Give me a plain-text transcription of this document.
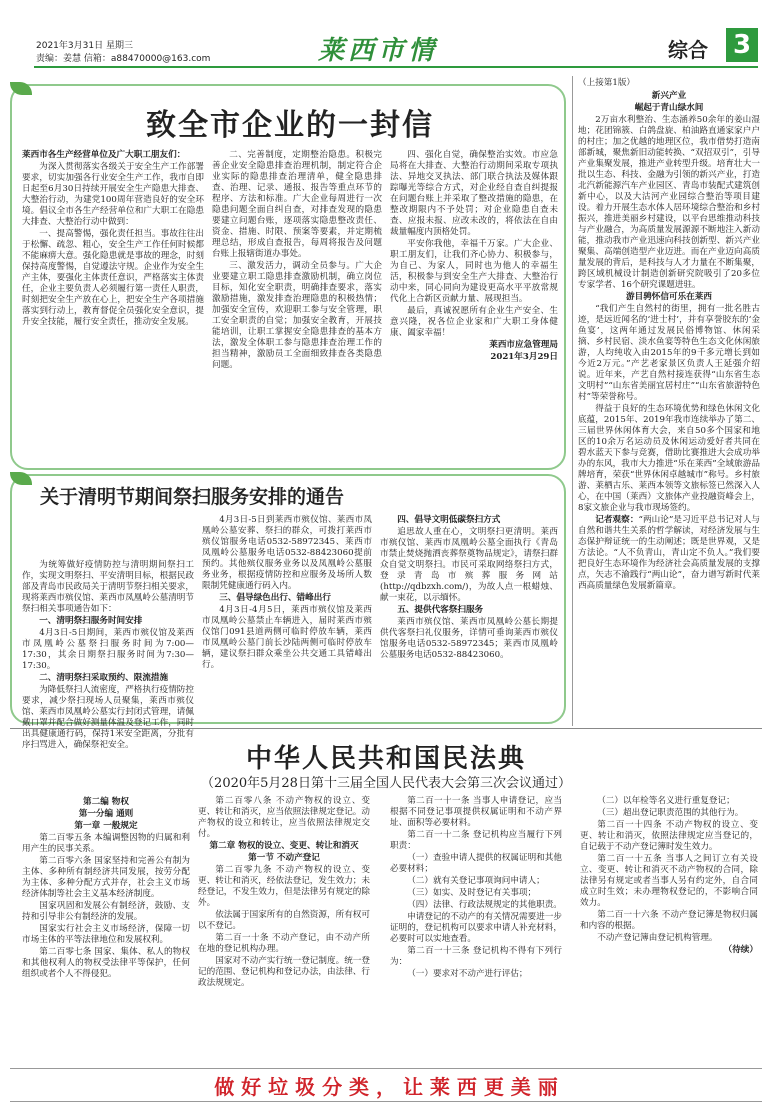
2021年3月31日 星期三
责编：姜慧 信箱：a88470000@163.com	莱西市情	综合 3
致全市企业的一封信

莱西市各生产经营单位及广大职工朋友们：

为深入贯彻落实各级关于安全生产工作部署要求，切实加强各行业安全生产工作，我市自即日起至6月30日持续开展安全生产隐患大排查、大整治行动，为建党100周年营造良好的安全环境。倡议全市各生产经营单位和广大职工在隐患大排查、大整治行动中做到：

一、提高警惕，强化责任担当。事故往往出于松懈、疏忽、粗心，安全生产工作任何时候都不能麻痹大意。强化隐患就是事故的理念，时刻保持高度警惕，自觉遵法守规。企业作为安全生产主体，要强化主体责任意识，严格落实主体责任，企业主要负责人必须履行第一责任人职责，时刻把安全生产放在心上，把安全生产各项措施落实到行动上，教育督促全员强化安全意识，提升安全技能，履行安全责任，推动安全发展。

二、完善制度，定期整治隐患。积极完善企业安全隐患排查治理机制，制定符合企业实际的隐患排查治理清单，健全隐患排查、治理、记录、通报、报告等重点环节的程序、方法和标准。广大企业每周进行一次隐患问题全面自纠自查，对排查发现的隐患要建立问题台账，逐项落实隐患整改责任、资金、措施、时限、预案等要素，并定期梳理总结，形成自查报告，每周将报告及问题台账上报辖街道办事处。

三、激发活力，调动全员参与。广大企业要建立职工隐患排查激励机制，确立岗位目标，知化安全职责，明确排查要求，落实激励措施，激发排查治理隐患的积极热情；加强安全宣传，欢迎职工参与安全管理，职工安全职责的自觉；加强安全教育，开展技能培训，让职工掌握安全隐患排查的基本方法，激发全体职工参与隐患排查治理工作的担当精神，激励员工全面细致排查各类隐患问题。

四、强化自觉，确保整治实效。市应急局将在大排查、大整治行动期间采取专项执法、异地交叉执法、部门联合执法及媒体跟踪曝光等综合方式，对企业经自查自纠提报在问题台账上并采取了整改措施的隐患，在整改期限内不予处罚；对企业隐患自查未查、应报未报、应改未改的，将依法在自由裁量幅度内顶格处罚。

平安你我他，幸福千万家。广大企业、职工朋友们，让我们齐心协力、积极参与，为自己、为家人，同时也为他人的幸福生活，积极参与到安全生产大排查、大整治行动中来，同心同向为建设更高水平平放常规代化上合新区贡献力量、展现担当。

最后，真诚祝愿所有企业生产安全、生意兴隆，祝各位企业家和广大职工身体健康、阖家幸福！

莱西市应急管理局

2021年3月29日

关于清明节期间祭扫服务安排的通告

为统筹做好疫情防控与清明期间祭扫工作，实现文明祭扫、平安清明目标，根据民政部及青岛市民政局关于清明节祭扫相关要求，现将莱西市殡仪馆、莱西市凤凰岭公墓清明节祭扫相关事项通告如下：

一、清明祭扫服务时间安排

4月3日-5日期间，莱西市殡仪馆及莱西市凤凰岭公墓祭扫服务时间为7:00—17:30，其余日期祭扫服务时间为7:30—17:30。

二、清明祭扫采取预约、限流措施

为降低祭扫人流密度，严格执行疫情防控要求，减少祭扫现场人员聚集，莱西市殡仪馆、莱西市凤凰岭公墓实行封闭式管理，请佩戴口罩并配合做好测量体温及登记工作，同时出具健康通行码，保持1米安全距离，分批有序扫骂进入，确保祭祀安全。

4月3日-5日到莱西市殡仪馆、莱西市凤凰岭公墓安葬、祭扫的群众，可拨打莱西市殡仪馆服务电话0532-58972345、莱西市凤凰岭公墓服务电话0532-88423060提前预约。其他殡仪服务业务以及凤凰岭公墓服务业务，根据疫情防控和应服务及场所人数限制凭健康通行码入内。

三、倡导绿色出行、错峰出行

4月3日-4月5日，莱西市殡仪馆及莱西市凤凰岭公墓禁止车辆进入，届时莱西市殡仪馆门091县道两侧可临时停放车辆，莱西市凤凰岭公墓门前长沙陆两侧可临时停放车辆，建议祭扫群众乘坐公共交通工具错峰出行。

四、倡导文明低碳祭扫方式

追思故人重在心，文明祭扫更清明。莱西市殡仪馆、莱西市凤凰岭公墓全面执行《青岛市禁止焚烧抛洒丧葬祭奠物品规定》，请祭扫群众自觉文明祭扫。市民可采取网络祭扫方式，登录青岛市殡葬服务网站(http://qdbzxh.com/)，为故人点一根蜡烛、献一束花，以示缅怀。

五、提供代客祭扫服务

莱西市殡仪馆、莱西市凤凰岭公墓长期提供代客祭扫礼仪服务，详情可垂询莱西市殡仪馆服务电话0532-58972345；莱西市凤凰岭公墓服务电话0532-88423060。

（上接第1版）

新兴产业
崛起于青山绿水间

2万亩水利整治、生态涵养50余年的姜山湿地；花团锦簇、白鸽盘旋、柏油路直通家家户户的村庄；加之优越的地理区位，我市借势打造南部新城，聚焦新旧动能转换、“双招双引”，引导产业集聚发展，推进产业转型升级。培育壮大一批以生态、科技、金融为引领的新兴产业，打造北汽新能源汽车产业园区、青岛市装配式建筑创新中心，以及大沽河产业园综合整治等项目建设。着力开展生态水体人居环境综合整治和乡村振兴，推进美丽乡村建设，以平台思维推动科技与产业融合，为高质量发展源源不断地注入新动能，推动我市产业迅速向科技创新型、新兴产业聚集、高端创造型产业迈进。而在产业迈向高质量发展的背后，是科技与人才力量在不断集聚，跨区域机械设计制造创新研究院吸引了20多位专家学者、16个研究课题进驻。

游目骋怀信可乐在莱西

“我们产生自然村的街里，拥有一批名胜古迹，是远近闻名的‘进士村’，并有享誉胶东的‘金鱼宴’，这两年通过发展民俗博物馆、休闲采摘、乡村民宿、淡水鱼宴等特色生态文化休闲旅游，人均纯收入由2015年的9千多元增长到如今近2万元。”产艺老家景区负责人王延强介绍说。近年来，产艺自然村接连获得“山东省生态文明村”“山东省美丽宜居村庄”“山东省旅游特色村”等荣誉称号。

得益于良好的生态环境优势和绿色休闲文化底蕴，2015年、2019年我市连续举办了第二、三届世界休闲体育大会，来自50多个国家和地区的10余万名运动员及休闲运动爱好者共同在碧水蓝天下参与竞赛，借助比赛推进大会成功举办的东风，我市大力推进“乐在莱西”全域旅游品牌培育，荣获“世界休闲卓越城市”称号。乡村旅游、莱栖古乐、莱西本领等文旅标签已然深入人心，在中国（莱西）文旅体产业投融资峰会上，8家文旅企业与我市现场签约。

记者观察：“两山论”是习近平总书记对人与自然和谐共生关系的哲学解读，对经济发展与生态保护辩证统一的生动阐述；既是世界观，又是方法论。“人不负青山，青山定不负人。”我们要把良好生态环境作为经济社会高质量发展的支撑点，矢志不渝践行“两山论”，奋力谱写新时代莱西高质量绿色发展新篇章。

中华人民共和国民法典
（2020年5月28日第十三届全国人民代表大会第三次会议通过）
第二编 物权
第一分编 通则
第一章 一般规定

第二百零五条 本编调整因物的归属和利用产生的民事关系。

第二百零六条 国家坚持和完善公有制为主体、多种所有制经济共同发展，按劳分配为主体、多种分配方式并存，社会主义市场经济体制等社会主义基本经济制度。

国家巩固和发展公有制经济，鼓励、支持和引导非公有制经济的发展。

国家实行社会主义市场经济，保障一切市场主体的平等法律地位和发展权利。

第二百零七条 国家、集体、私人的物权和其他权利人的物权受法律平等保护，任何组织或者个人不得侵犯。

第二百零八条 不动产物权的设立、变更、转让和消灭，应当依照法律规定登记。动产物权的设立和转让，应当依照法律规定交付。

第二章 物权的设立、变更、转让和消灭
第一节 不动产登记

第二百零九条 不动产物权的设立、变更、转让和消灭，经依法登记，发生效力；未经登记，不发生效力，但是法律另有规定的除外。

依法属于国家所有的自然资源，所有权可以不登记。

第二百一十条 不动产登记，由不动产所在地的登记机构办理。

国家对不动产实行统一登记制度。统一登记的范围、登记机构和登记办法，由法律、行政法规规定。

第二百一十一条 当事人申请登记，应当根据不同登记事项提供权属证明和不动产界址、面积等必要材料。

第二百一十二条 登记机构应当履行下列职责：

（一）查验申请人提供的权属证明和其他必要材料；

（二）就有关登记事项询问申请人；

（三）如实、及时登记有关事项；

（四）法律、行政法规规定的其他职责。

申请登记的不动产的有关情况需要进一步证明的，登记机构可以要求申请人补充材料，必要时可以实地查看。

第二百一十三条 登记机构不得有下列行为：

（一）要求对不动产进行评估；

（二）以年检等名义进行重复登记；

（三）超出登记职责范围的其他行为。

第二百一十四条 不动产物权的设立、变更、转让和消灭，依照法律规定应当登记的，自记载于不动产登记簿时发生效力。

第二百一十五条 当事人之间订立有关设立、变更、转让和消灭不动产物权的合同，除法律另有规定或者当事人另有约定外，自合同成立时生效；未办理物权登记的，不影响合同效力。

第二百一十六条 不动产登记簿是物权归属和内容的根据。

不动产登记簿由登记机构管理。

（待续）

做 好 垃 圾 分 类 ， 让 莱 西 更 美 丽
